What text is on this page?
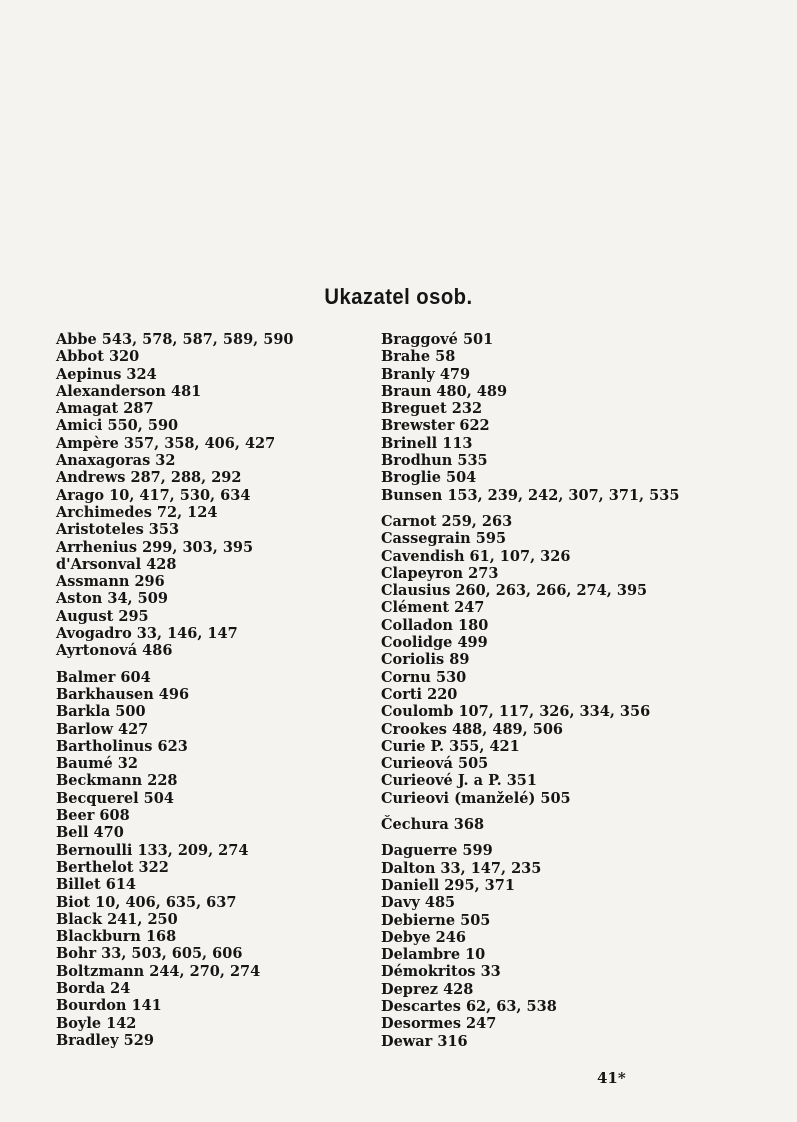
Ukazatel osob.
Abbe 543, 578, 587, 589, 590
Abbot 320
Aepinus 324
Alexanderson 481
Amagat 287
Amici 550, 590
Ampère 357, 358, 406, 427
Anaxagoras 32
Andrews 287, 288, 292
Arago 10, 417, 530, 634
Archimedes 72, 124
Aristoteles 353
Arrhenius 299, 303, 395
d'Arsonval 428
Assmann 296
Aston 34, 509
August 295
Avogadro 33, 146, 147
Ayrtonová 486
Balmer 604
Barkhausen 496
Barkla 500
Barlow 427
Bartholinus 623
Baumé 32
Beckmann 228
Becquerel 504
Beer 608
Bell 470
Bernoulli 133, 209, 274
Berthelot 322
Billet 614
Biot 10, 406, 635, 637
Black 241, 250
Blackburn 168
Bohr 33, 503, 605, 606
Boltzmann 244, 270, 274
Borda 24
Bourdon 141
Boyle 142
Bradley 529
Braggové 501
Brahe 58
Branly 479
Braun 480, 489
Breguet 232
Brewster 622
Brinell 113
Brodhun 535
Broglie 504
Bunsen 153, 239, 242, 307, 371, 535
Carnot 259, 263
Cassegrain 595
Cavendish 61, 107, 326
Clapeyron 273
Clausius 260, 263, 266, 274, 395
Clément 247
Colladon 180
Coolidge 499
Coriolis 89
Cornu 530
Corti 220
Coulomb 107, 117, 326, 334, 356
Crookes 488, 489, 506
Curie P. 355, 421
Curieová 505
Curieové J. a P. 351
Curieovi (manželé) 505
Čechura 368
Daguerre 599
Dalton 33, 147, 235
Daniell 295, 371
Davy 485
Debierne 505
Debye 246
Delambre 10
Démokritos 33
Deprez 428
Descartes 62, 63, 538
Desormes 247
Dewar 316
41*
